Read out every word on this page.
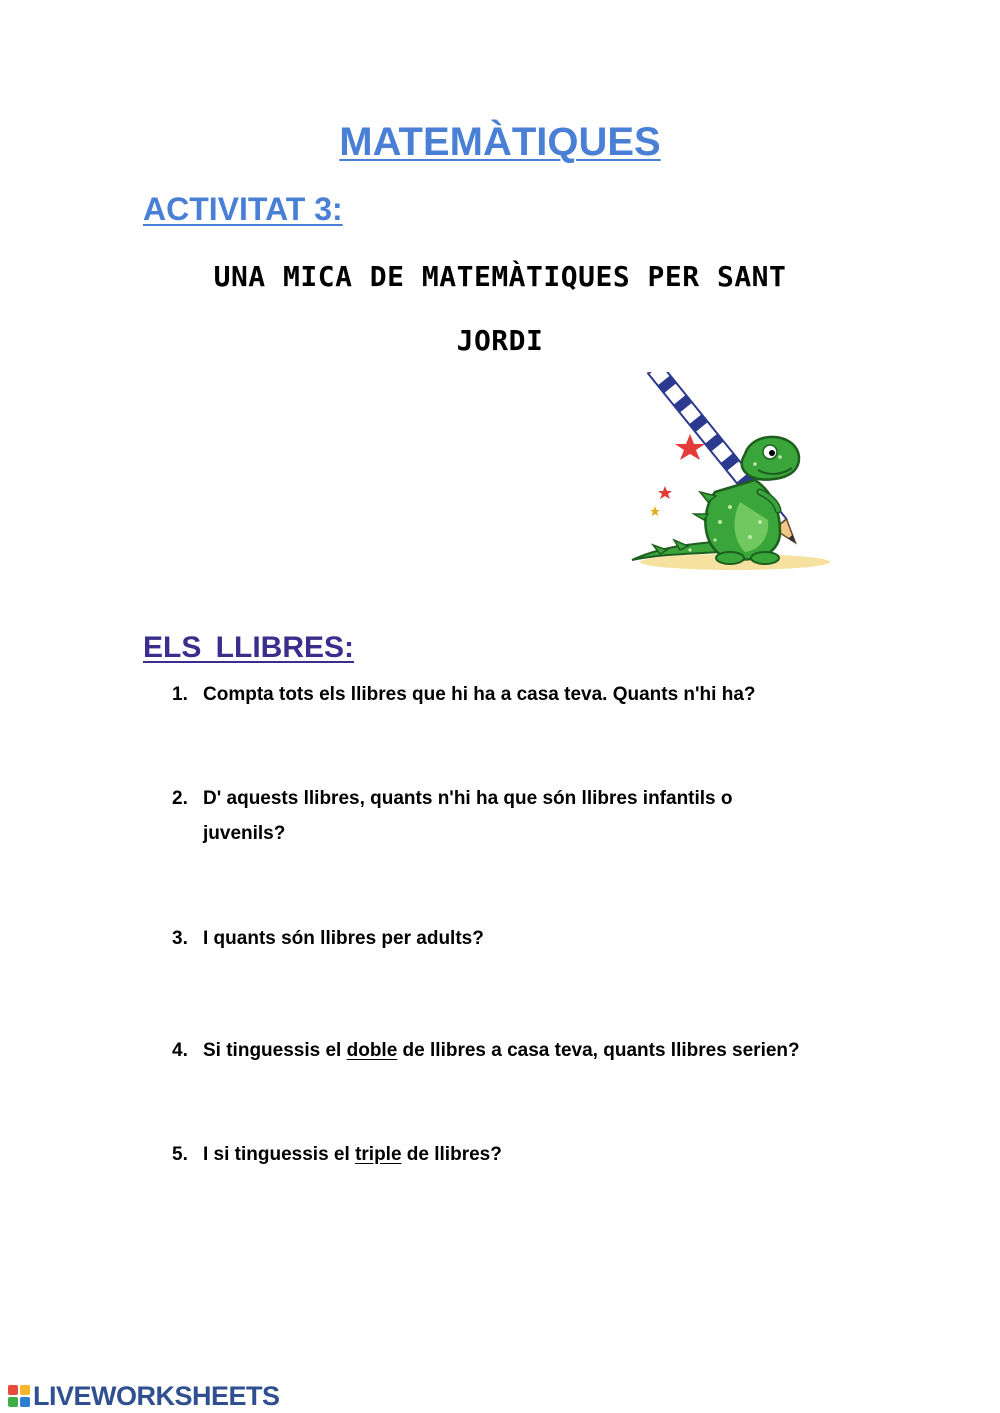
MATEMÀTIQUES
ACTIVITAT 3:
UNA MICA DE MATEMÀTIQUES PER SANT
JORDI
ELS LLIBRES:
1. Compta tots els llibres que hi ha a casa teva. Quants n'hi ha?
2. D' aquests llibres, quants n'hi ha que són llibres infantils o juvenils?
3. I quants són llibres per adults?
4. Si tinguessis el doble de llibres a casa teva, quants llibres serien?
5. I si tinguessis el triple de llibres?
LIVEWORKSHEETS
